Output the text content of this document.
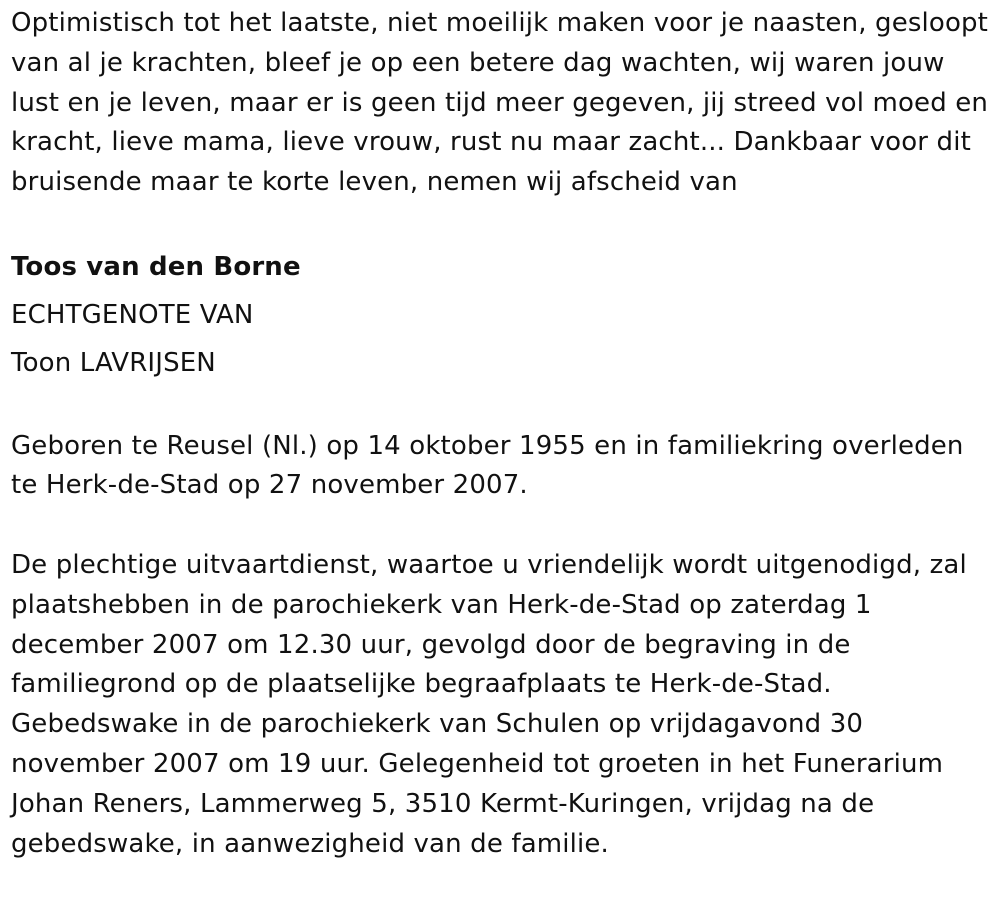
Optimistisch tot het laatste, niet moeilijk maken voor je naasten, gesloopt van al je krachten, bleef je op een betere dag wachten, wij waren jouw lust en je leven, maar er is geen tijd meer gegeven, jij streed vol moed en kracht, lieve mama, lieve vrouw, rust nu maar zacht... Dankbaar voor dit bruisende maar te korte leven, nemen wij afscheid van

Toos van den Borne

ECHTGENOTE VAN

Toon LAVRIJSEN

Geboren te Reusel (Nl.) op 14 oktober 1955 en in familiekring overleden te Herk-de-Stad op 27 november 2007.

De plechtige uitvaartdienst, waartoe u vriendelijk wordt uitgenodigd, zal plaatshebben in de parochiekerk van Herk-de-Stad op zaterdag 1 december 2007 om 12.30 uur, gevolgd door de begraving in de familiegrond op de plaatselijke begraafplaats te Herk-de-Stad. Gebedswake in de parochiekerk van Schulen op vrijdagavond 30 november 2007 om 19 uur. Gelegenheid tot groeten in het Funerarium Johan Reners, Lammerweg 5, 3510 Kermt-Kuringen, vrijdag na de gebedswake, in aanwezigheid van de familie.
